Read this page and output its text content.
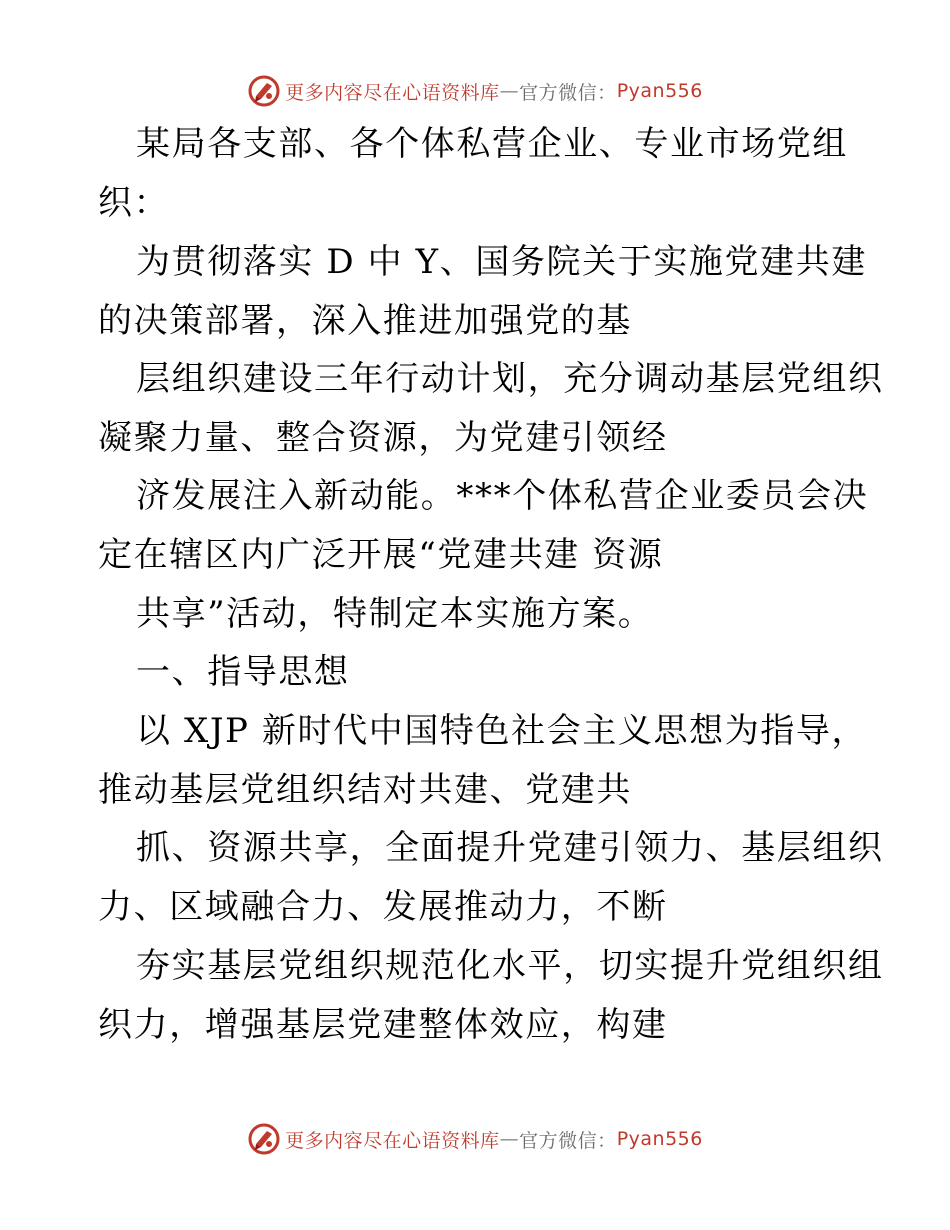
更多内容尽在心语资料库 — 官方微信： Pyan556
某局各支部、各个体私营企业、专业市场党组
织：
为贯彻落实 D 中 Y、国务院关于实施党建共建
的决策部署，深入推进加强党的基
层组织建设三年行动计划，充分调动基层党组织
凝聚力量、整合资源，为党建引领经
济发展注入新动能。***个体私营企业委员会决
定在辖区内广泛开展“党建共建 资源
共享”活动，特制定本实施方案。
一、指导思想
以 XJP 新时代中国特色社会主义思想为指导，
推动基层党组织结对共建、党建共
抓、资源共享，全面提升党建引领力、基层组织
力、区域融合力、发展推动力，不断
夯实基层党组织规范化水平，切实提升党组织组
织力，增强基层党建整体效应，构建
更多内容尽在心语资料库 — 官方微信： Pyan556
